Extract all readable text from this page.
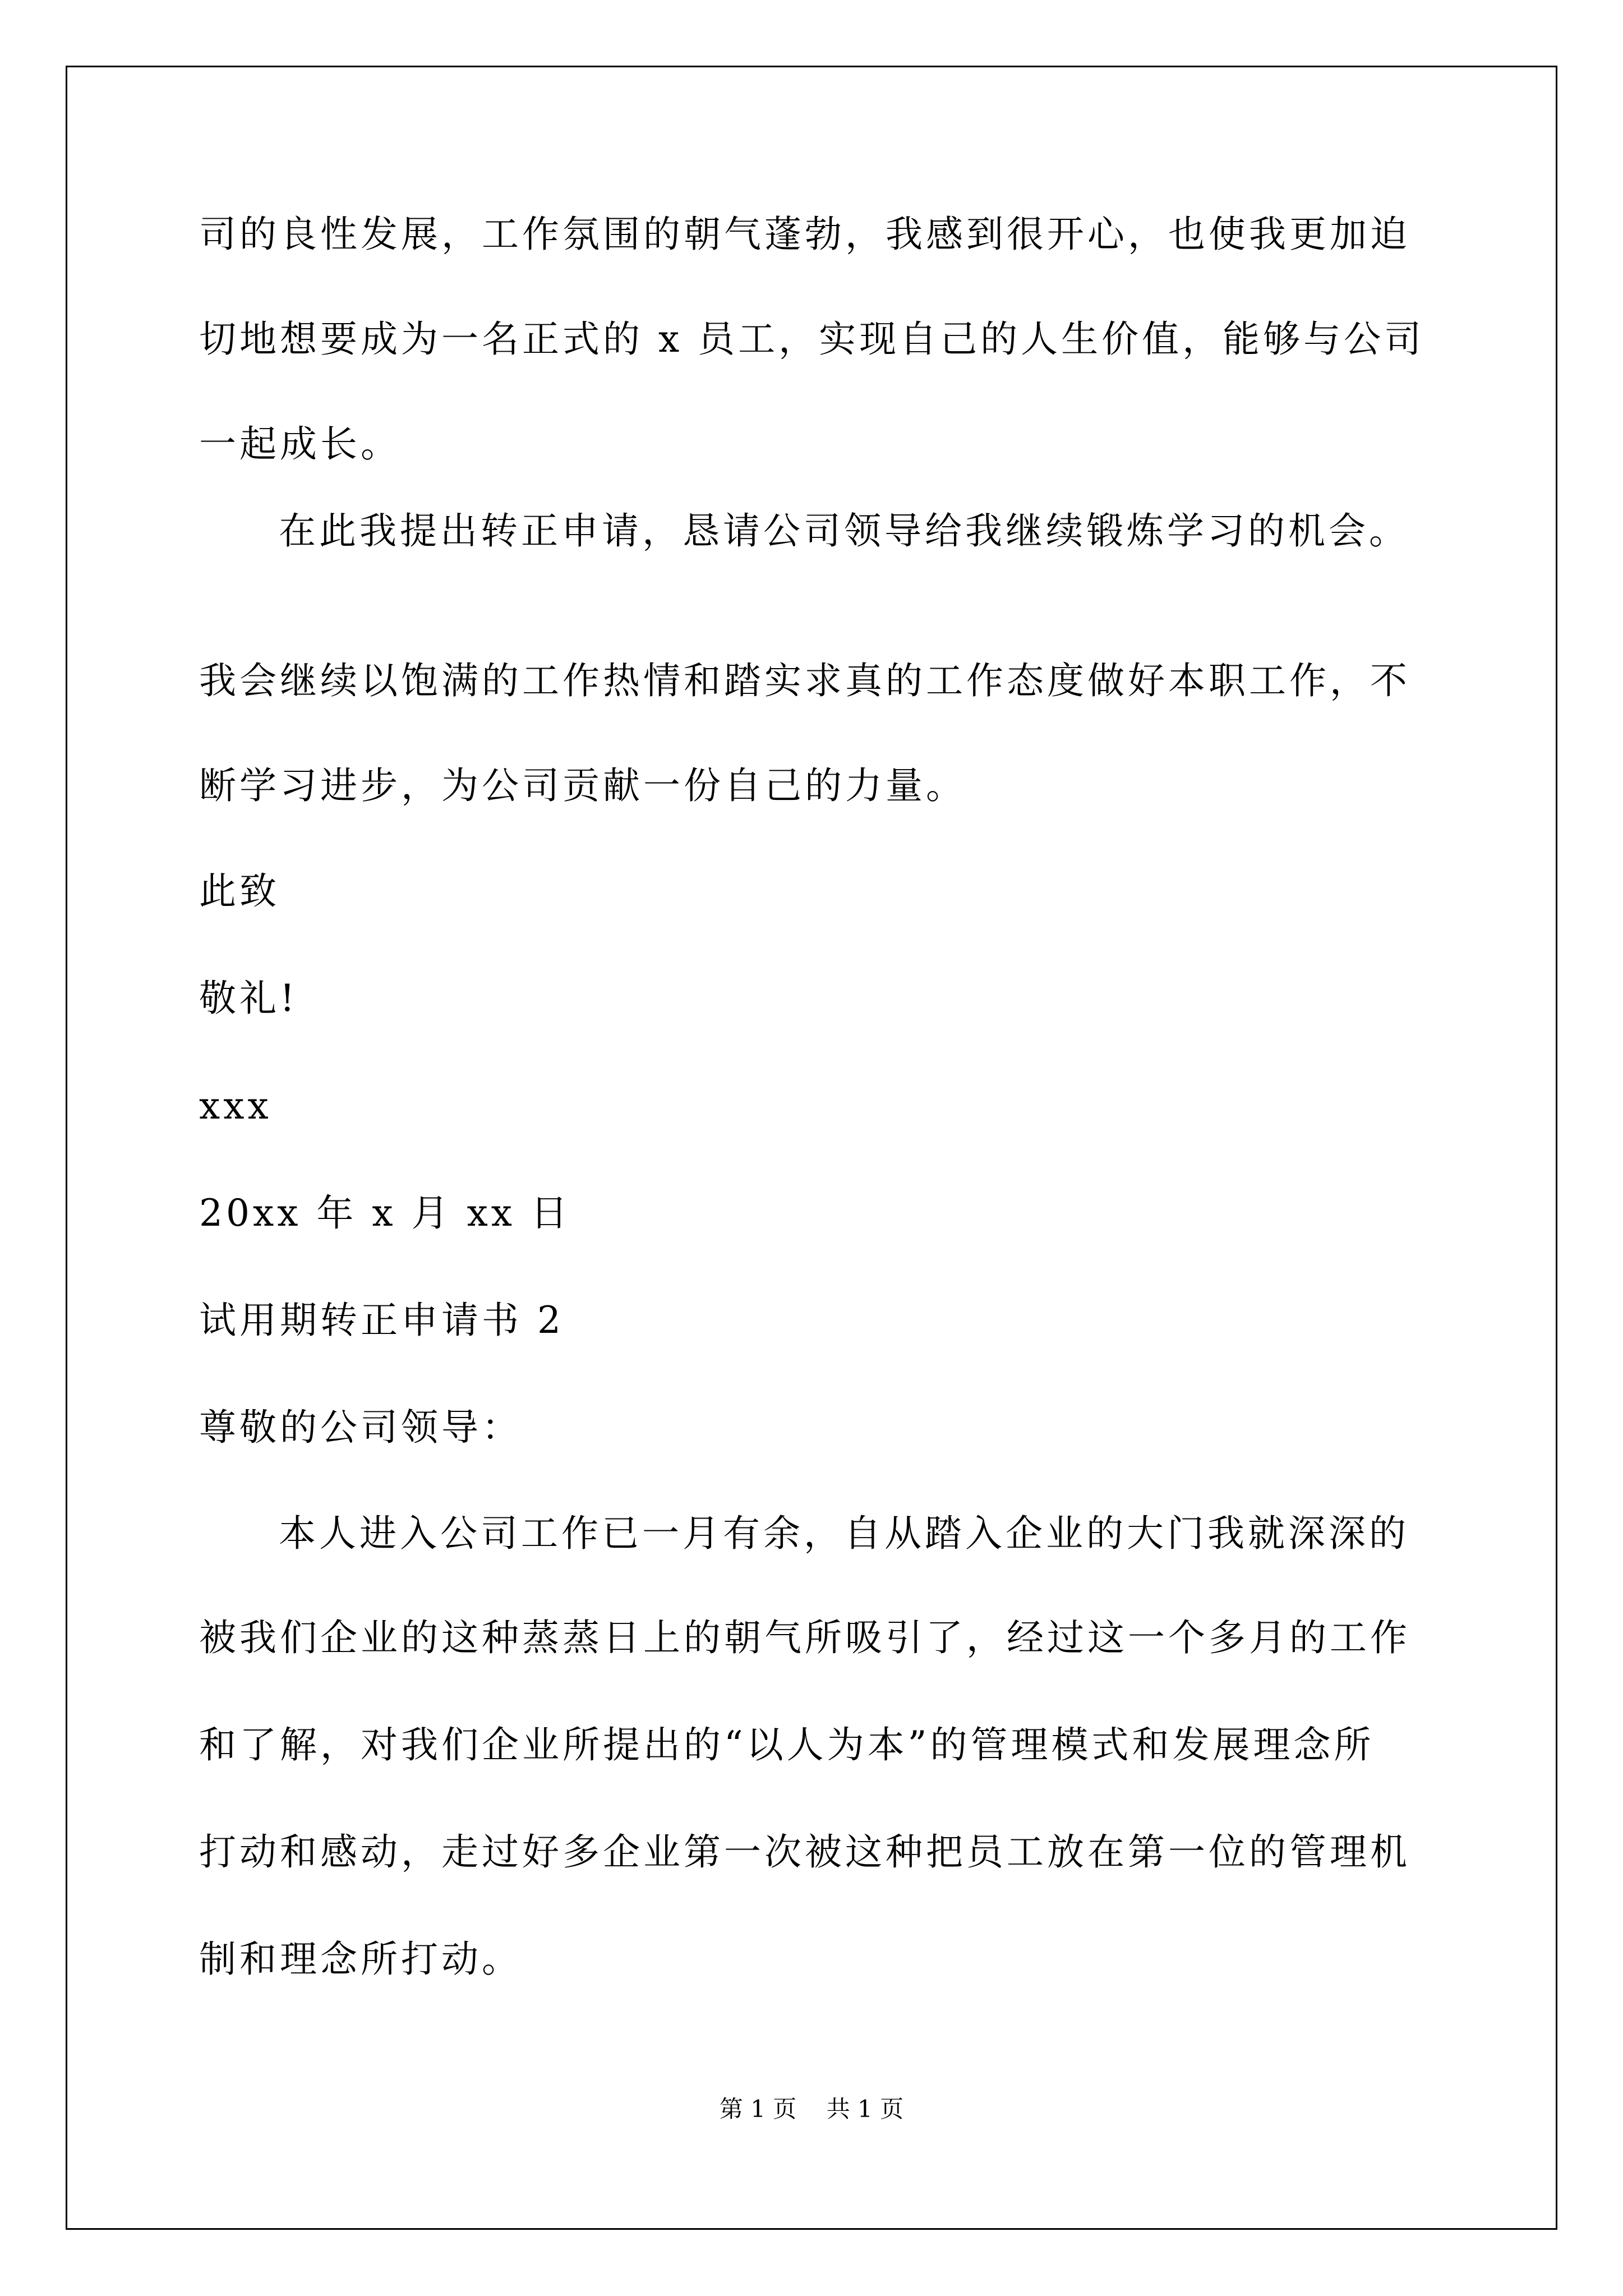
司的良性发展，工作氛围的朝气蓬勃，我感到很开心，也使我更加迫
切地想要成为一名正式的 x 员工，实现自己的人生价值，能够与公司
一起成长。
在此我提出转正申请，恳请公司领导给我继续锻炼学习的机会。
我会继续以饱满的工作热情和踏实求真的工作态度做好本职工作，不
断学习进步，为公司贡献一份自己的力量。
此致
敬礼!
xxx
20xx 年 x 月 xx 日
试用期转正申请书 2
尊敬的公司领导：
本人进入公司工作已一月有余，自从踏入企业的大门我就深深的
被我们企业的这种蒸蒸日上的朝气所吸引了，经过这一个多月的工作
和了解，对我们企业所提出的“以人为本”的管理模式和发展理念所
打动和感动，走过好多企业第一次被这种把员工放在第一位的管理机
制和理念所打动。
第 1 页    共 1 页
